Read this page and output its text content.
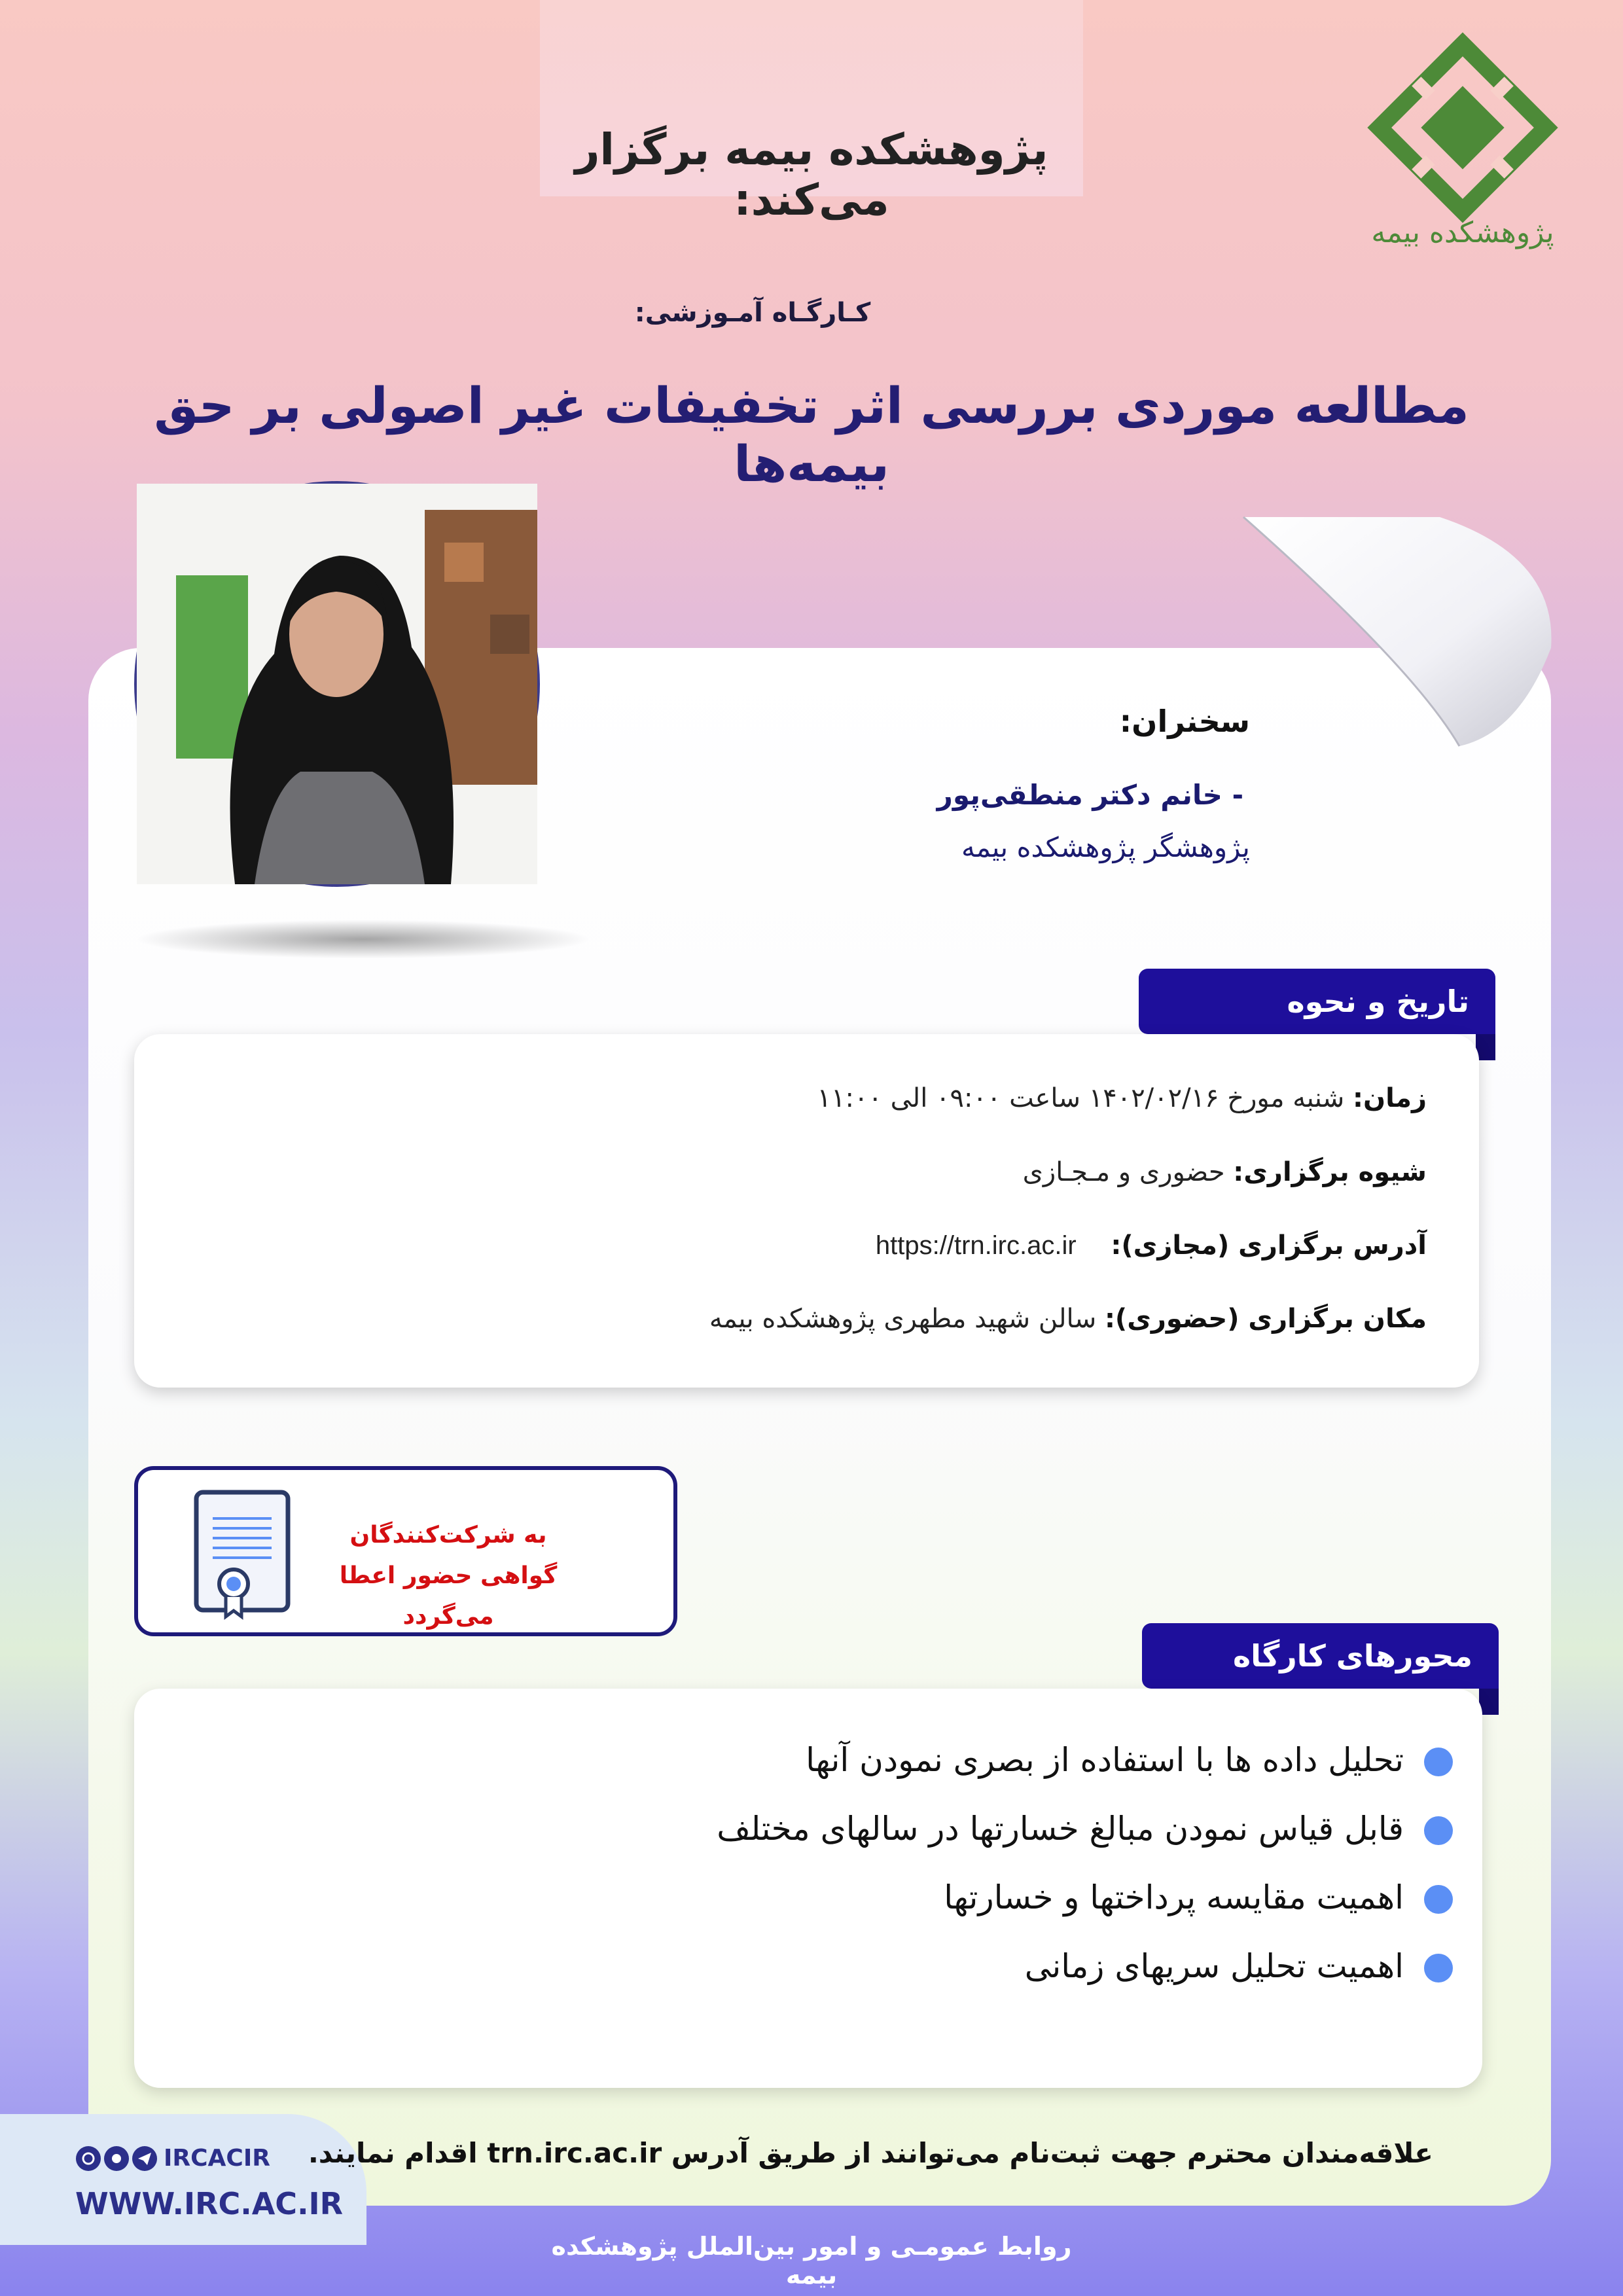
پژوهشکده بیمه برگزار می‌کند:
پژوهشکده بیمه
کـارگـاه آمـوزشی:
مطالعه موردی بررسی اثر تخفیفات غیر اصولی بر حق بیمه‌ها
سخنران:
- خانم دکتر منطقی‌پور
پژوهشگر پژوهشکده بیمه
تاریخ و نحوه
زمان: شنبه مورخ ۱۴۰۲/۰۲/۱۶ ساعت ۰۹:۰۰ الی ۱۱:۰۰
شیوه برگزاری: حضوری و مـجـازی
آدرس برگزاری (مجازی): https://trn.irc.ac.ir
مکان برگزاری (حضوری): سالن شهید مطهری پژوهشکده بیمه
به شرکت‌کنندگان
گواهی حضور اعطا می‌گردد
محورهای کارگاه
تحلیل داده ها با استفاده از بصری نمودن آنها
قابل قیاس نمودن مبالغ خسارتها در سالهای مختلف
اهمیت مقایسه پرداختها و خسارتها
اهمیت تحلیل سریهای زمانی
علاقه‌مندان محترم جهت ثبت‌نام می‌توانند از طریق آدرس trn.irc.ac.ir اقدام نمایند.
IRCACIR
WWW.IRC.AC.IR
روابط عمومـی و امور بین‌الملل پژوهشکده بیمه
